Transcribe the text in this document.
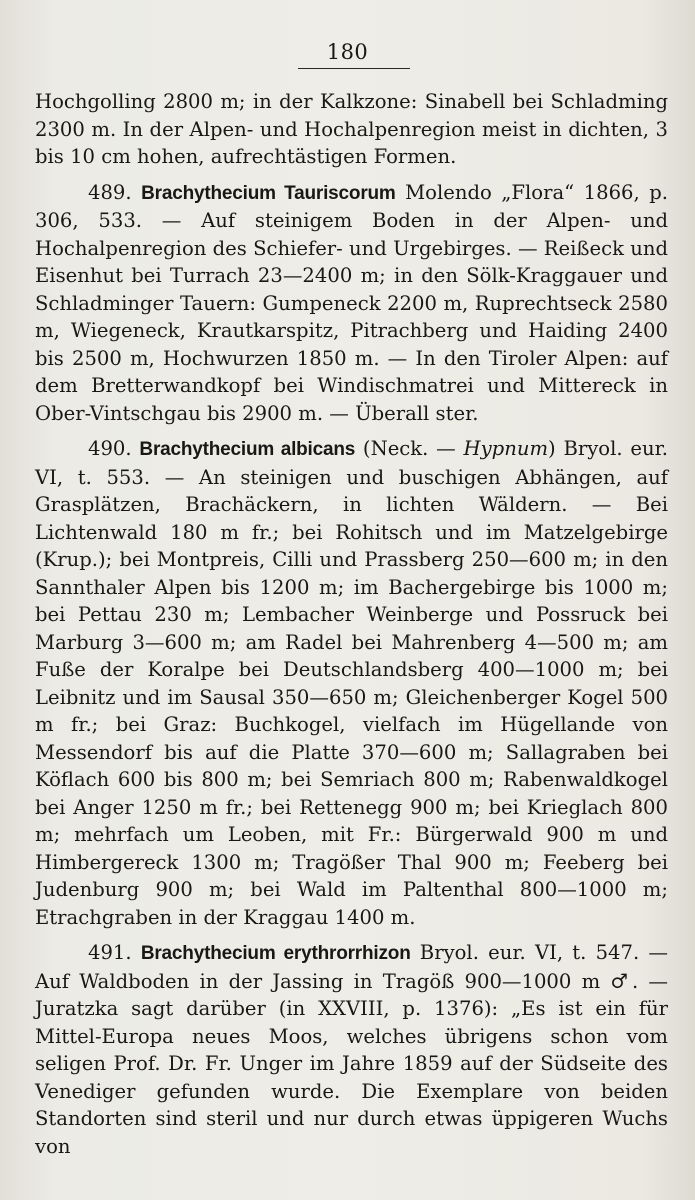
180

Hochgolling 2800 m; in der Kalkzone: Sinabell bei Schladming 2300 m. In der Alpen- und Hochalpenregion meist in dichten, 3 bis 10 cm hohen, aufrechtästigen Formen.

489. Brachythecium Tauriscorum Molendo „Flora“ 1866, p. 306, 533. — Auf steinigem Boden in der Alpen- und Hochalpenregion des Schiefer- und Urgebirges. — Reißeck und Eisenhut bei Turrach 23—2400 m; in den Sölk-Kraggauer und Schladminger Tauern: Gumpeneck 2200 m, Ruprechtseck 2580 m, Wiegeneck, Krautkarspitz, Pitrachberg und Haiding 2400 bis 2500 m, Hochwurzen 1850 m. — In den Tiroler Alpen: auf dem Bretterwandkopf bei Windischmatrei und Mittereck in Ober-Vintschgau bis 2900 m. — Überall ster.

490. Brachythecium albicans (Neck. — Hypnum) Bryol. eur. VI, t. 553. — An steinigen und buschigen Abhängen, auf Grasplätzen, Brachäckern, in lichten Wäldern. — Bei Lichtenwald 180 m fr.; bei Rohitsch und im Matzelgebirge (Krup.); bei Montpreis, Cilli und Prassberg 250—600 m; in den Sannthaler Alpen bis 1200 m; im Bachergebirge bis 1000 m; bei Pettau 230 m; Lembacher Weinberge und Possruck bei Marburg 3—600 m; am Radel bei Mahrenberg 4—500 m; am Fuße der Koralpe bei Deutschlandsberg 400—1000 m; bei Leibnitz und im Sausal 350—650 m; Gleichenberger Kogel 500 m fr.; bei Graz: Buchkogel, vielfach im Hügellande von Messendorf bis auf die Platte 370—600 m; Sallagraben bei Köflach 600 bis 800 m; bei Semriach 800 m; Rabenwaldkogel bei Anger 1250 m fr.; bei Rettenegg 900 m; bei Krieglach 800 m; mehrfach um Leoben, mit Fr.: Bürgerwald 900 m und Himbergereck 1300 m; Tragößer Thal 900 m; Feeberg bei Judenburg 900 m; bei Wald im Paltenthal 800—1000 m; Etrachgraben in der Kraggau 1400 m.

491. Brachythecium erythrorrhizon Bryol. eur. VI, t. 547. — Auf Waldboden in der Jassing in Tragöß 900—1000 m ♂. — Juratzka sagt darüber (in XXVIII, p. 1376): „Es ist ein für Mittel-Europa neues Moos, welches übrigens schon vom seligen Prof. Dr. Fr. Unger im Jahre 1859 auf der Südseite des Venediger gefunden wurde. Die Exemplare von beiden Standorten sind steril und nur durch etwas üppigeren Wuchs von
